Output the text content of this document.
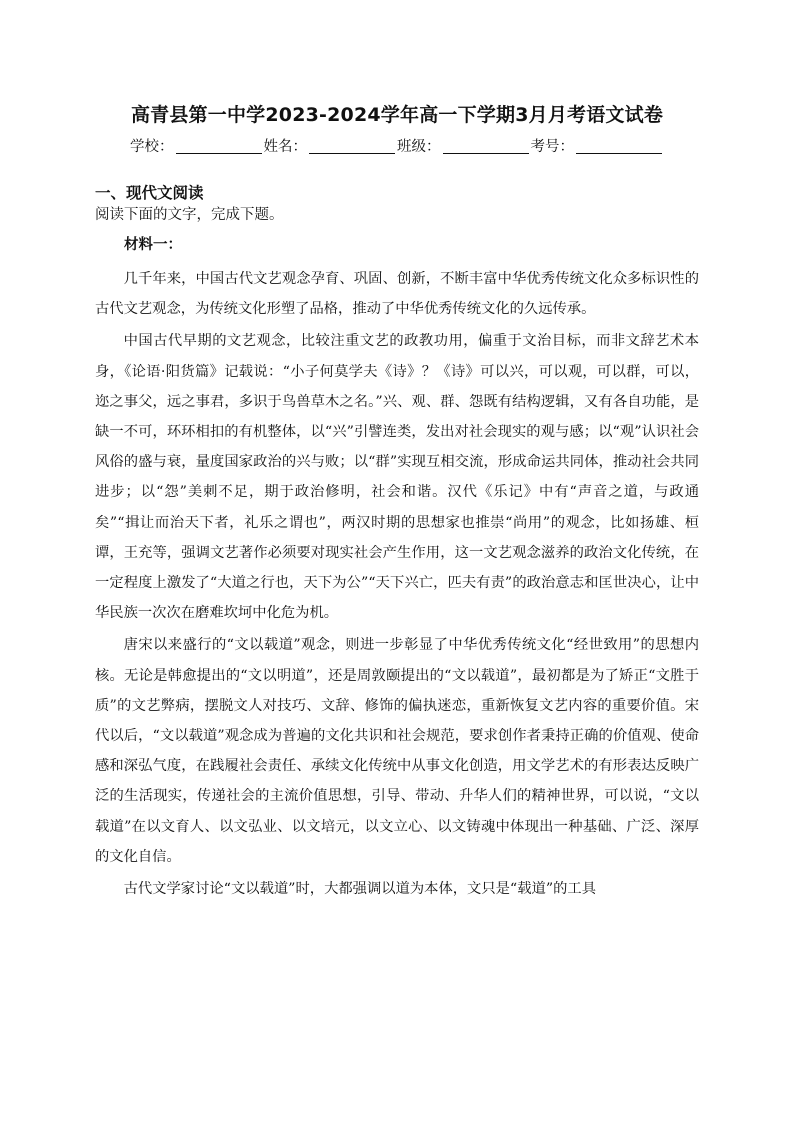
高青县第一中学2023-2024学年高一下学期3月月考语文试卷
学校：	姓名：	班级：	考号：
一、现代文阅读

阅读下面的文字，完成下题。

材料一：

几千年来，中国古代文艺观念孕育、巩固、创新，不断丰富中华优秀传统文化众多标识性的古代文艺观念，为传统文化形塑了品格，推动了中华优秀传统文化的久远传承。

中国古代早期的文艺观念，比较注重文艺的政教功用，偏重于文治目标，而非文辞艺术本身，《论语·阳货篇》记载说：“小子何莫学夫《诗》？《诗》可以兴，可以观，可以群，可以，迩之事父，远之事君，多识于鸟兽草木之名。”兴、观、群、怨既有结构逻辑，又有各自功能，是缺一不可，环环相扣的有机整体，以“兴”引譬连类，发出对社会现实的观与感；以“观”认识社会风俗的盛与衰，量度国家政治的兴与败；以“群”实现互相交流，形成命运共同体，推动社会共同进步；以“怨”美刺不足，期于政治修明，社会和谐。汉代《乐记》中有“声音之道，与政通矣”“揖让而治天下者，礼乐之谓也”，两汉时期的思想家也推崇“尚用”的观念，比如扬雄、桓谭，王充等，强调文艺著作必须要对现实社会产生作用，这一文艺观念滋养的政治文化传统，在一定程度上激发了“大道之行也，天下为公”“天下兴亡，匹夫有责”的政治意志和匡世决心，让中华民族一次次在磨难坎坷中化危为机。

唐宋以来盛行的“文以载道”观念，则进一步彰显了中华优秀传统文化“经世致用”的思想内核。无论是韩愈提出的“文以明道”，还是周敦颐提出的“文以载道”，最初都是为了矫正“文胜于质”的文艺弊病，摆脱文人对技巧、文辞、修饰的偏执迷恋，重新恢复文艺内容的重要价值。宋代以后，“文以载道”观念成为普遍的文化共识和社会规范，要求创作者秉持正确的价值观、使命感和深弘气度，在践履社会责任、承续文化传统中从事文化创造，用文学艺术的有形表达反映广泛的生活现实，传递社会的主流价值思想，引导、带动、升华人们的精神世界，可以说，“文以载道”在以文育人、以文弘业、以文培元，以文立心、以文铸魂中体现出一种基础、广泛、深厚的文化自信。

古代文学家讨论“文以载道”时，大都强调以道为本体，文只是“载道”的工具
